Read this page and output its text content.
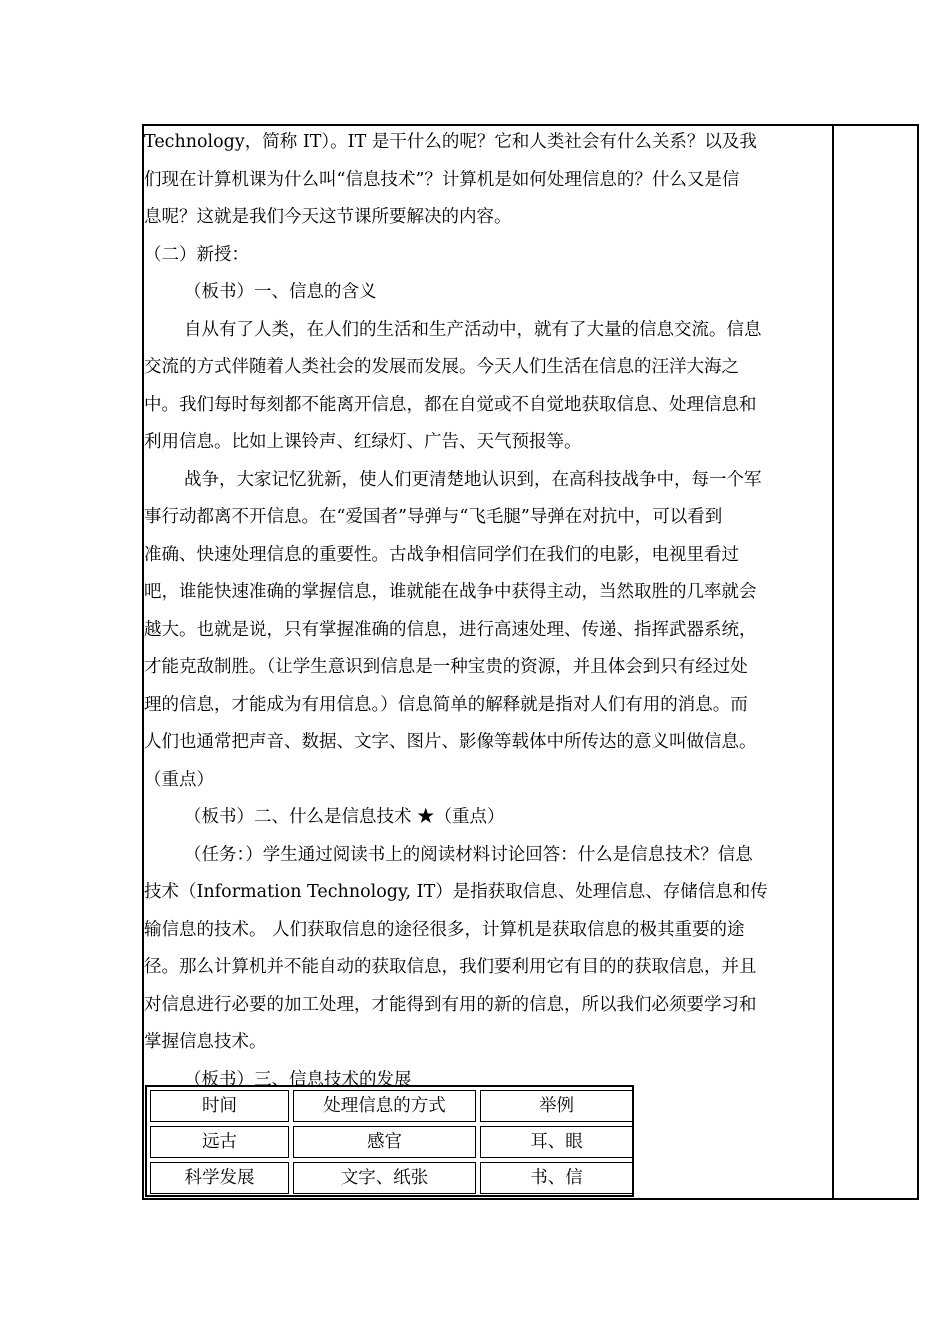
Technology，简称 IT）。IT 是干什么的呢？它和人类社会有什么关系？以及我
们现在计算机课为什么叫“信息技术”？计算机是如何处理信息的？什么又是信
息呢？这就是我们今天这节课所要解决的内容。
（二）新授：
（板书）一、信息的含义
自从有了人类，在人们的生活和生产活动中，就有了大量的信息交流。信息
交流的方式伴随着人类社会的发展而发展。今天人们生活在信息的汪洋大海之
中。我们每时每刻都不能离开信息，都在自觉或不自觉地获取信息、处理信息和
利用信息。比如上课铃声、红绿灯、广告、天气预报等。
战争，大家记忆犹新，使人们更清楚地认识到，在高科技战争中，每一个军
事行动都离不开信息。在“爱国者”导弹与“飞毛腿”导弹在对抗中，可以看到
准确、快速处理信息的重要性。古战争相信同学们在我们的电影，电视里看过
吧，谁能快速准确的掌握信息，谁就能在战争中获得主动，当然取胜的几率就会
越大。也就是说，只有掌握准确的信息，进行高速处理、传递、指挥武器系统，
才能克敌制胜。（让学生意识到信息是一种宝贵的资源，并且体会到只有经过处
理的信息，才能成为有用信息。）信息简单的解释就是指对人们有用的消息。而
人们也通常把声音、数据、文字、图片、影像等载体中所传达的意义叫做信息。
（重点）
（板书）二、什么是信息技术 ★（重点）
（任务：）学生通过阅读书上的阅读材料讨论回答：什么是信息技术？信息
技术（Information Technology, IT）是指获取信息、处理信息、存储信息和传
输信息的技术。 人们获取信息的途径很多，计算机是获取信息的极其重要的途
径。那么计算机并不能自动的获取信息，我们要利用它有目的的获取信息，并且
对信息进行必要的加工处理，才能得到有用的新的信息，所以我们必须要学习和
掌握信息技术。
（板书）三、信息技术的发展
时间	处理信息的方式	举例
远古	感官	耳、眼
科学发展	文字、纸张	书、信
